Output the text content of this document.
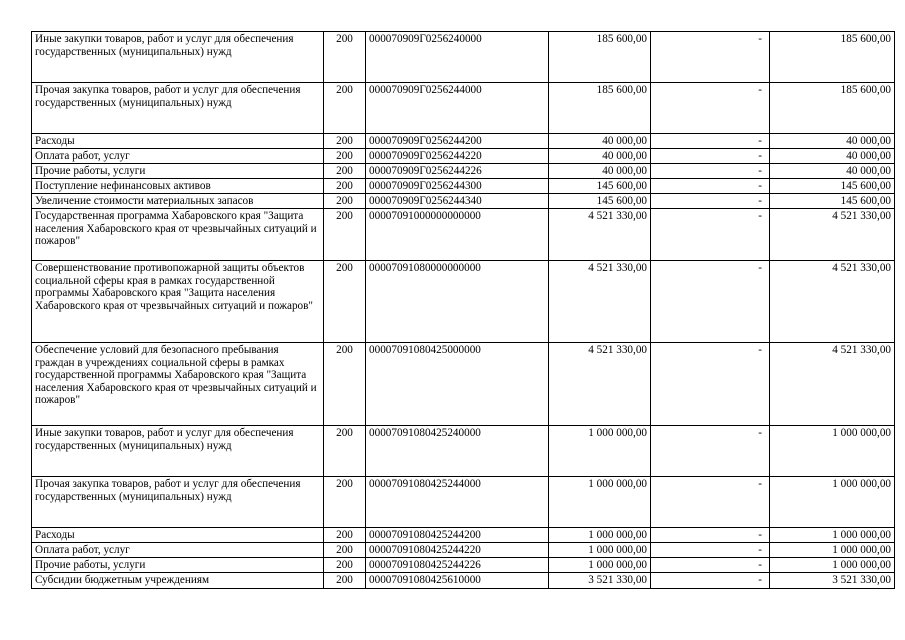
Иные закупки товаров, работ и услуг для обеспечения государственных (муниципальных) нужд	200	000070909Г0256240000	185 600,00	-	185 600,00
Прочая закупка товаров, работ и услуг для обеспечения государственных (муниципальных) нужд	200	000070909Г0256244000	185 600,00	-	185 600,00
Расходы	200	000070909Г0256244200	40 000,00	-	40 000,00
Оплата работ, услуг	200	000070909Г0256244220	40 000,00	-	40 000,00
Прочие работы, услуги	200	000070909Г0256244226	40 000,00	-	40 000,00
Поступление нефинансовых активов	200	000070909Г0256244300	145 600,00	-	145 600,00
Увеличение стоимости материальных запасов	200	000070909Г0256244340	145 600,00	-	145 600,00
Государственная программа Хабаровского края "Защита населения Хабаровского края от чрезвычайных ситуаций и пожаров"	200	00007091000000000000	4 521 330,00	-	4 521 330,00
Совершенствование противопожарной защиты объектов социальной сферы края в рамках государственной программы Хабаровского края "Защита населения Хабаровского края от чрезвычайных ситуаций и пожаров"	200	00007091080000000000	4 521 330,00	-	4 521 330,00
Обеспечение условий для безопасного пребывания граждан в учреждениях социальной сферы в рамках государственной программы Хабаровского края "Защита населения Хабаровского края от чрезвычайных ситуаций и пожаров"	200	00007091080425000000	4 521 330,00	-	4 521 330,00
Иные закупки товаров, работ и услуг для обеспечения государственных (муниципальных) нужд	200	00007091080425240000	1 000 000,00	-	1 000 000,00
Прочая закупка товаров, работ и услуг для обеспечения государственных (муниципальных) нужд	200	00007091080425244000	1 000 000,00	-	1 000 000,00
Расходы	200	00007091080425244200	1 000 000,00	-	1 000 000,00
Оплата работ, услуг	200	00007091080425244220	1 000 000,00	-	1 000 000,00
Прочие работы, услуги	200	00007091080425244226	1 000 000,00	-	1 000 000,00
Субсидии бюджетным учреждениям	200	00007091080425610000	3 521 330,00	-	3 521 330,00
